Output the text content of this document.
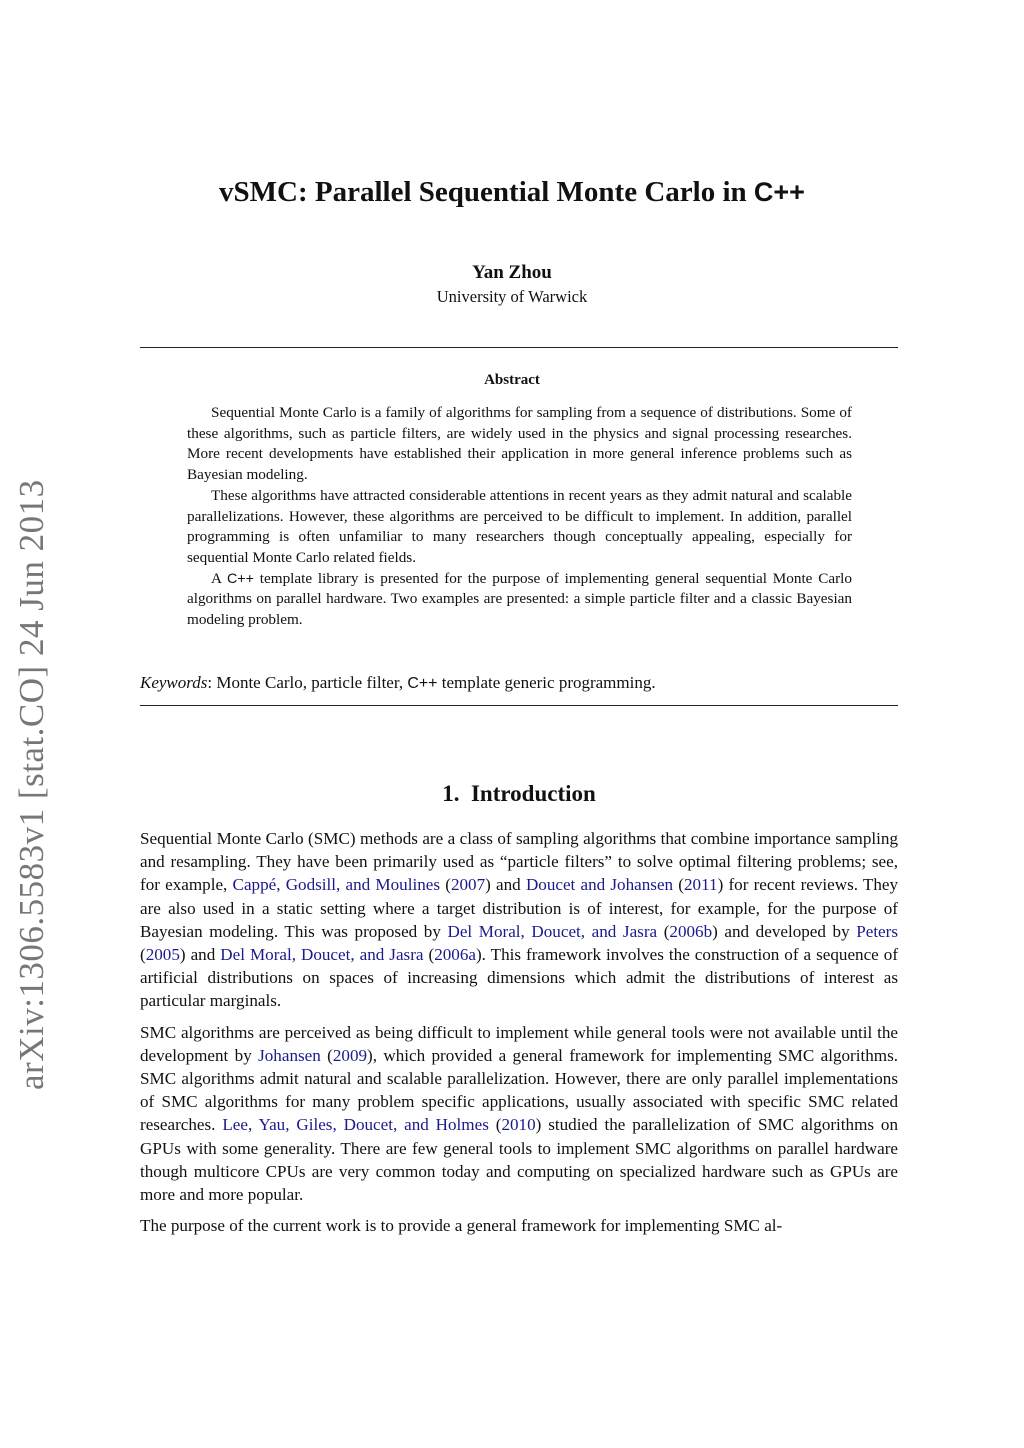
arXiv:1306.5583v1 [stat.CO] 24 Jun 2013
vSMC: Parallel Sequential Monte Carlo in C++
Yan Zhou
University of Warwick
Abstract

Sequential Monte Carlo is a family of algorithms for sampling from a sequence of distributions. Some of these algorithms, such as particle filters, are widely used in the physics and signal processing researches. More recent developments have established their application in more general inference problems such as Bayesian modeling.

These algorithms have attracted considerable attentions in recent years as they admit natural and scalable parallelizations. However, these algorithms are perceived to be difficult to implement. In addition, parallel programming is often unfamiliar to many researchers though conceptually appealing, especially for sequential Monte Carlo related fields.

A C++ template library is presented for the purpose of implementing general sequential Monte Carlo algorithms on parallel hardware. Two examples are presented: a simple particle filter and a classic Bayesian modeling problem.

Keywords: Monte Carlo, particle filter, C++ template generic programming.
1. Introduction

Sequential Monte Carlo (SMC) methods are a class of sampling algorithms that combine importance sampling and resampling. They have been primarily used as “particle filters” to solve optimal filtering problems; see, for example, Cappé, Godsill, and Moulines (2007) and Doucet and Johansen (2011) for recent reviews. They are also used in a static setting where a target distribution is of interest, for example, for the purpose of Bayesian modeling. This was proposed by Del Moral, Doucet, and Jasra (2006b) and developed by Peters (2005) and Del Moral, Doucet, and Jasra (2006a). This framework involves the construction of a sequence of artificial distributions on spaces of increasing dimensions which admit the distributions of interest as particular marginals.

SMC algorithms are perceived as being difficult to implement while general tools were not available until the development by Johansen (2009), which provided a general framework for implementing SMC algorithms. SMC algorithms admit natural and scalable parallelization. However, there are only parallel implementations of SMC algorithms for many problem specific applications, usually associated with specific SMC related researches. Lee, Yau, Giles, Doucet, and Holmes (2010) studied the parallelization of SMC algorithms on GPUs with some generality. There are few general tools to implement SMC algorithms on parallel hardware though multicore CPUs are very common today and computing on specialized hardware such as GPUs are more and more popular.

The purpose of the current work is to provide a general framework for implementing SMC al-
